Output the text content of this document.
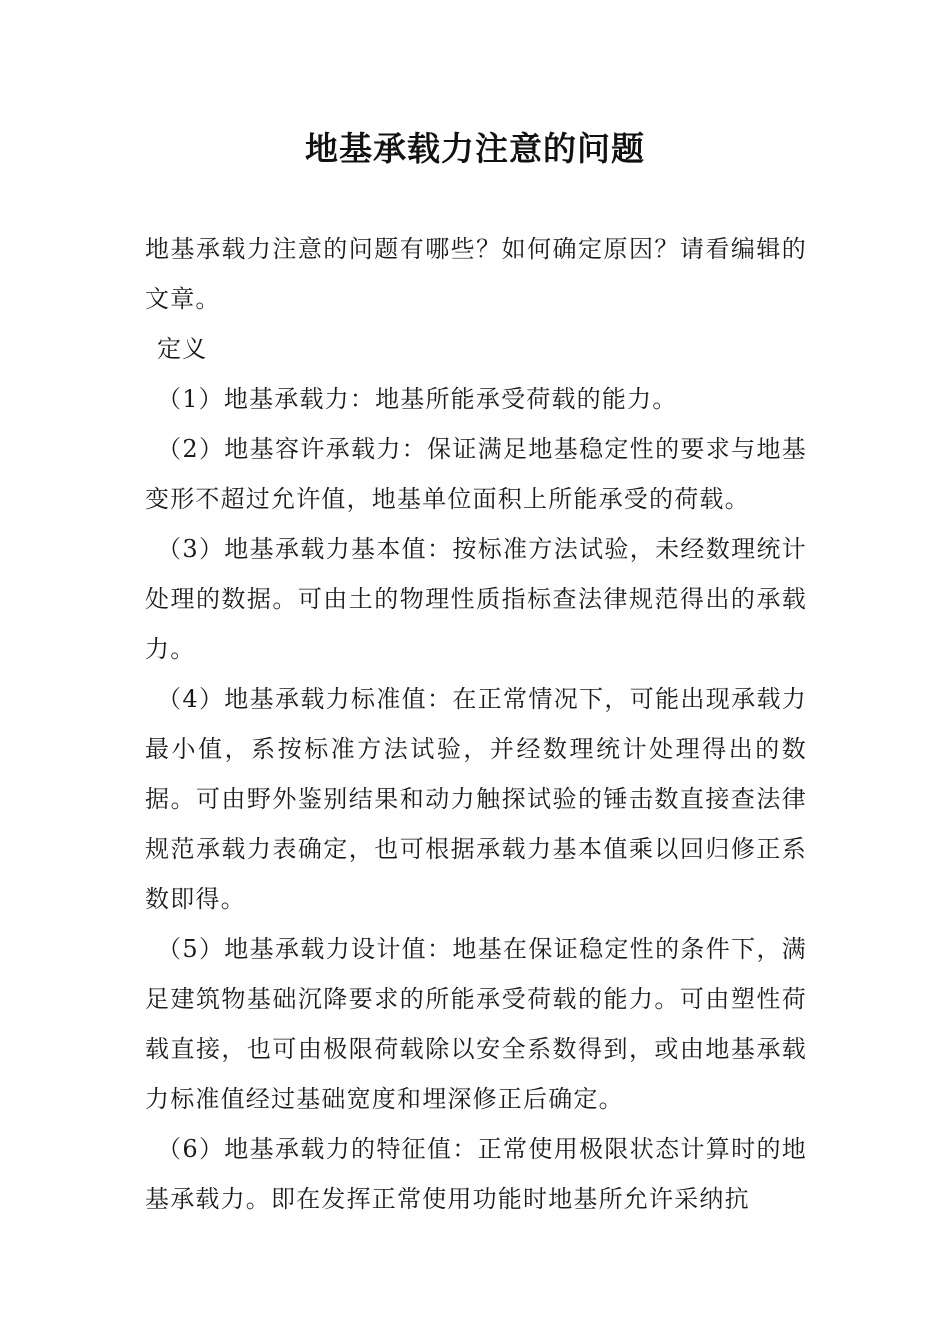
地基承载力注意的问题

地基承载力注意的问题有哪些？如何确定原因？请看编辑的文章。

定义

（1）地基承载力：地基所能承受荷载的能力。

（2）地基容许承载力：保证满足地基稳定性的要求与地基变形不超过允许值，地基单位面积上所能承受的荷载。

（3）地基承载力基本值：按标准方法试验，未经数理统计处理的数据。可由土的物理性质指标查法律规范得出的承载力。

（4）地基承载力标准值：在正常情况下，可能出现承载力最小值，系按标准方法试验，并经数理统计处理得出的数据。可由野外鉴别结果和动力触探试验的锤击数直接查法律规范承载力表确定，也可根据承载力基本值乘以回归修正系数即得。

（5）地基承载力设计值：地基在保证稳定性的条件下，满足建筑物基础沉降要求的所能承受荷载的能力。可由塑性荷载直接，也可由极限荷载除以安全系数得到，或由地基承载力标准值经过基础宽度和埋深修正后确定。

（6）地基承载力的特征值：正常使用极限状态计算时的地基承载力。即在发挥正常使用功能时地基所允许采纳抗
